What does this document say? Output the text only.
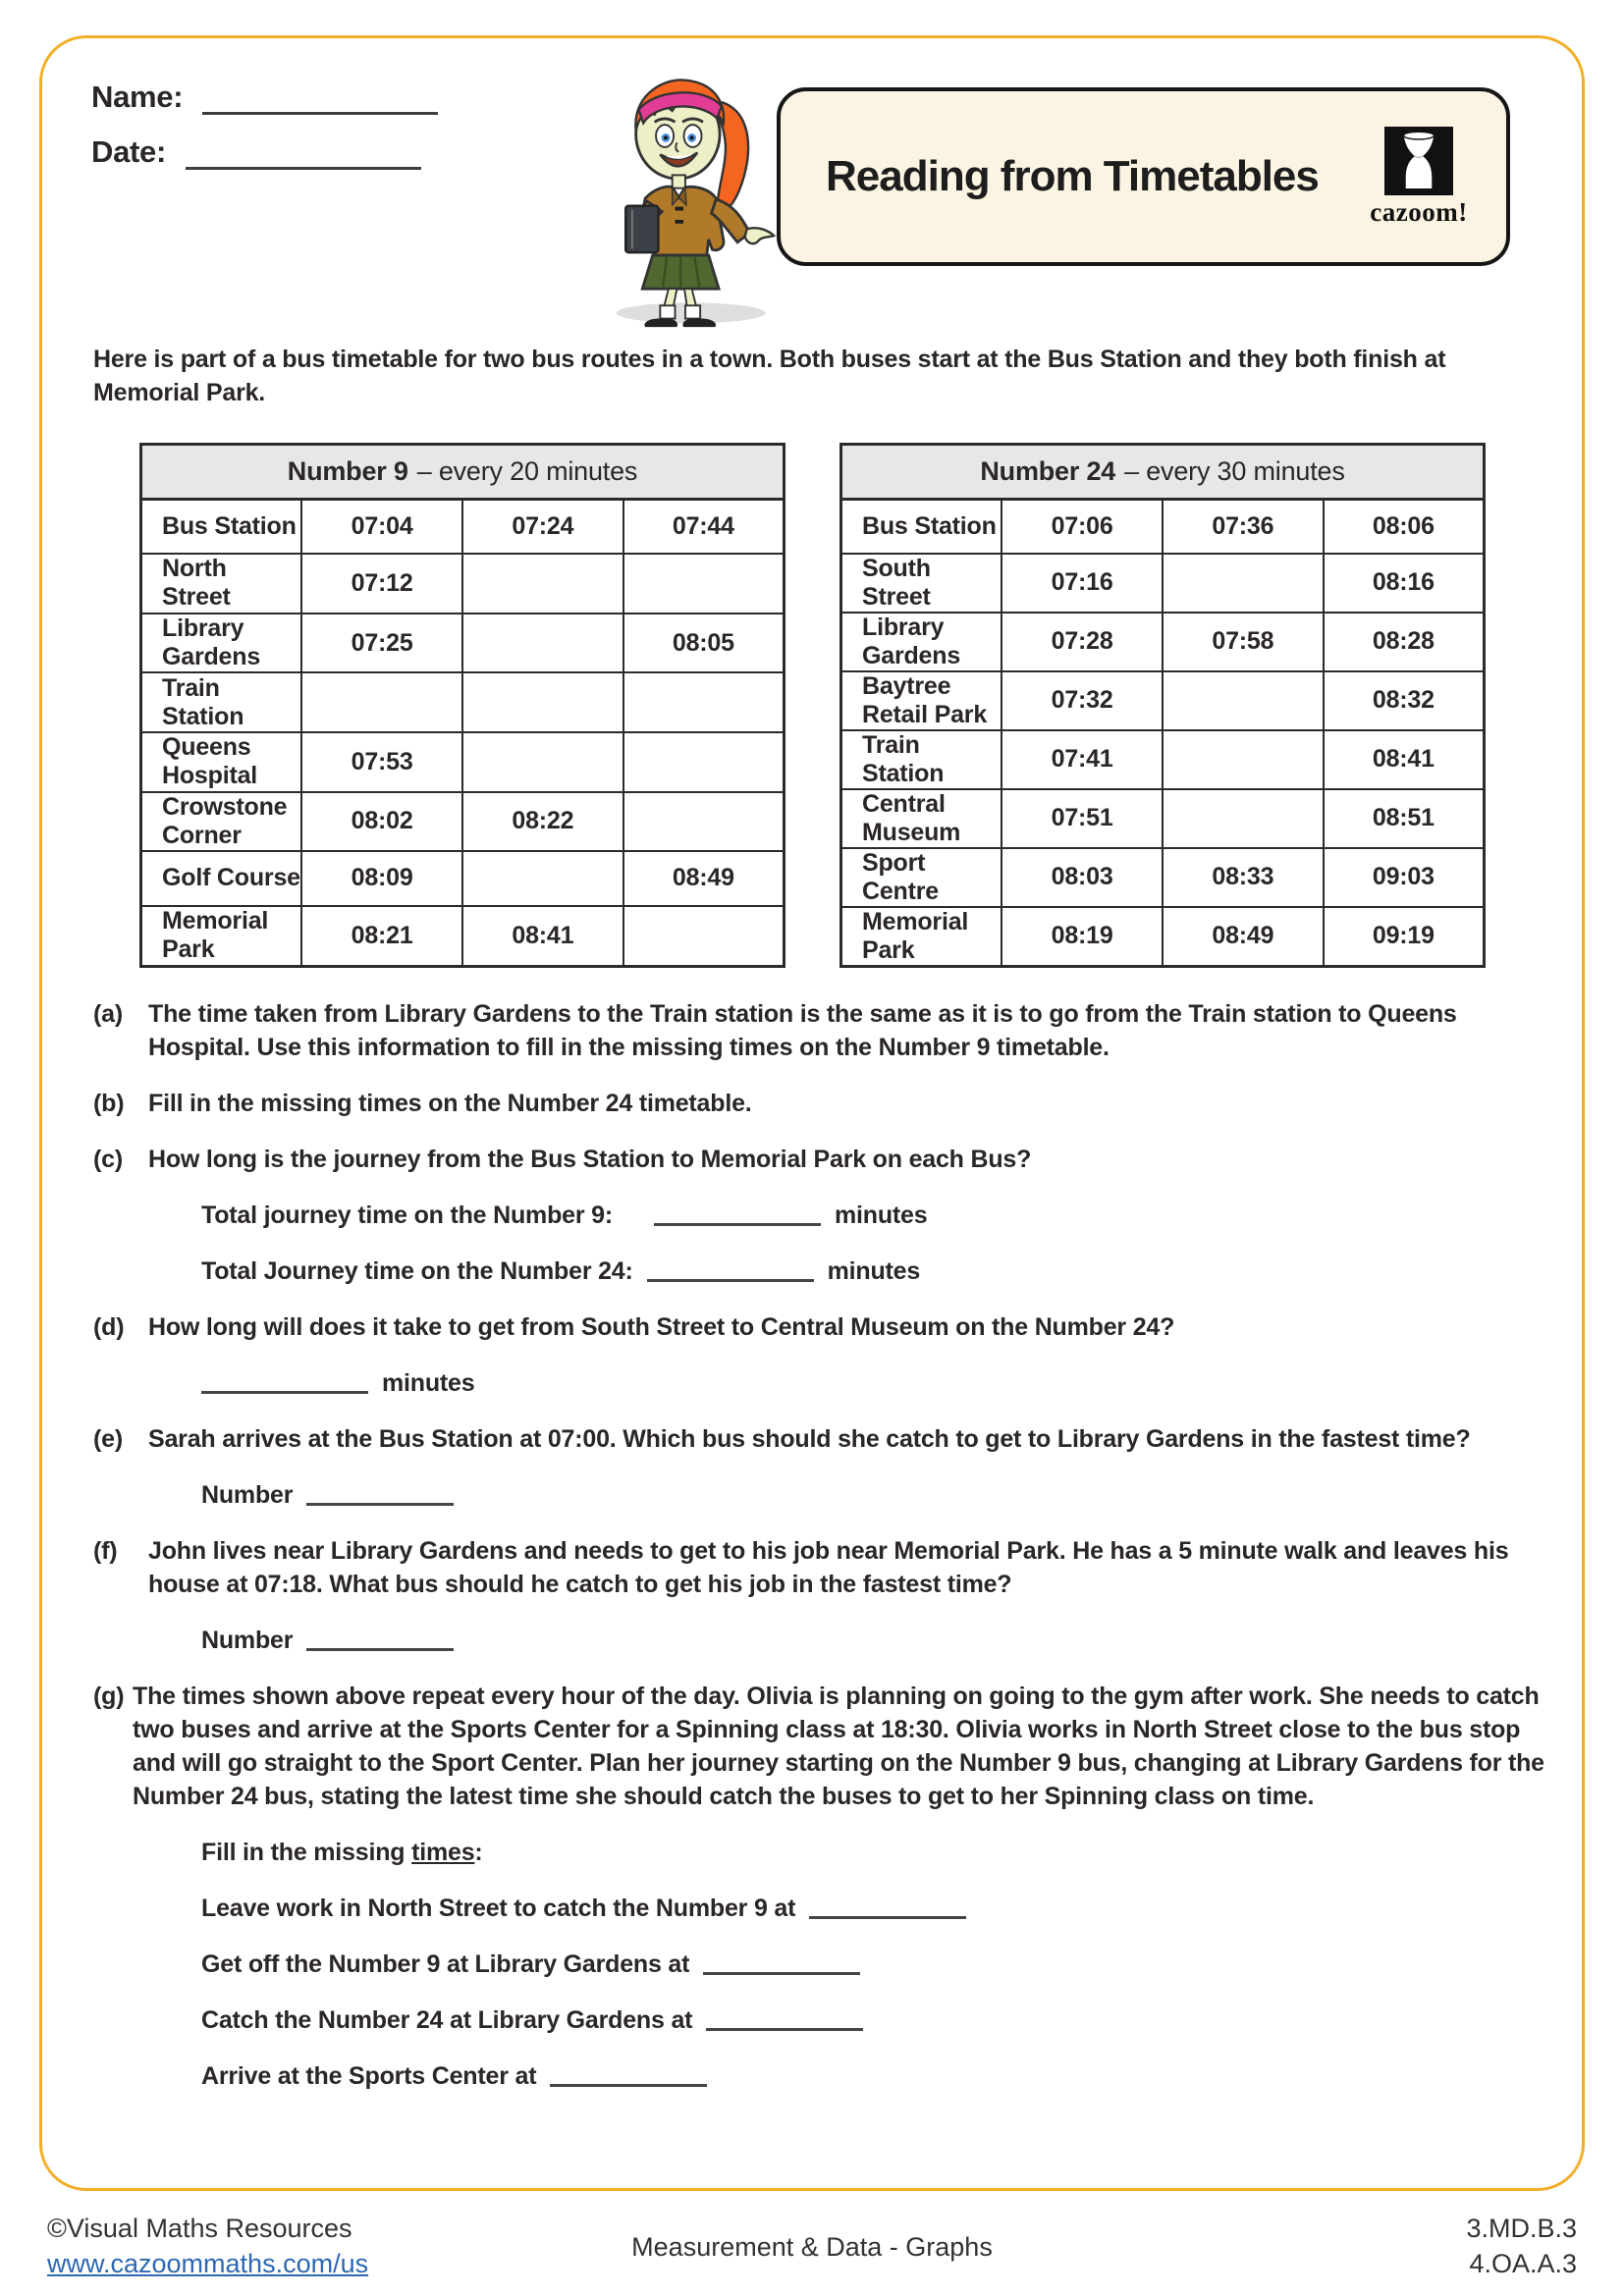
Name:
Date:
Reading from Timetables
cazoom!

Here is part of a bus timetable for two bus routes in a town. Both buses start at the Bus Station and they both finish at Memorial Park.

Number 9 – every 20 minutes			
Bus Station	07:04	07:24	07:44
North Street	07:12		
Library Gardens	07:25		08:05
Train Station			
Queens Hospital	07:53		
Crowstone Corner	08:02	08:22	
Golf Course	08:09		08:49
Memorial Park	08:21	08:41	
Number 24 – every 30 minutes			
Bus Station	07:06	07:36	08:06
South Street	07:16		08:16
Library Gardens	07:28	07:58	08:28
Baytree Retail Park	07:32		08:32
Train Station	07:41		08:41
Central Museum	07:51		08:51
Sport Centre	08:03	08:33	09:03
Memorial Park	08:19	08:49	09:19
(a)	The time taken from Library Gardens to the Train station is the same as it is to go from the Train station to Queens Hospital. Use this information to fill in the missing times on the Number 9 timetable.

(b) Fill in the missing times on the Number 24 timetable.

(c)	How long is the journey from the Bus Station to Memorial Park on each Bus?

Total journey time on the Number 9:	minutes
Total Journey time on the Number 24:	minutes
(d) How long will does it take to get from South Street to Central Museum on the Number 24?

minutes
(e)	Sarah arrives at the Bus Station at 07:00. Which bus should she catch to get to Library Gardens in the fastest time?

Number
(f)	John lives near Library Gardens and needs to get to his job near Memorial Park. He has a 5 minute walk and leaves his house at 07:18. What bus should he catch to get his job in the fastest time?

Number
(g) The times shown above repeat every hour of the day. Olivia is planning on going to the gym after work. She needs to catch two buses and arrive at the Sports Center for a Spinning class at 18:30. Olivia works in North Street close to the bus stop and will go straight to the Sport Center. Plan her journey starting on the Number 9 bus, changing at Library Gardens for the Number 24 bus, stating the latest time she should catch the buses to get to her Spinning class on time.

Fill in the missing times:
Leave work in North Street to catch the Number 9 at
Get off the Number 9 at Library Gardens at
Catch the Number 24 at Library Gardens at
Arrive at the Sports Center at
©Visual Maths Resources
www.cazoommaths.com/us
Measurement & Data - Graphs
3.MD.B.3
4.OA.A.3
